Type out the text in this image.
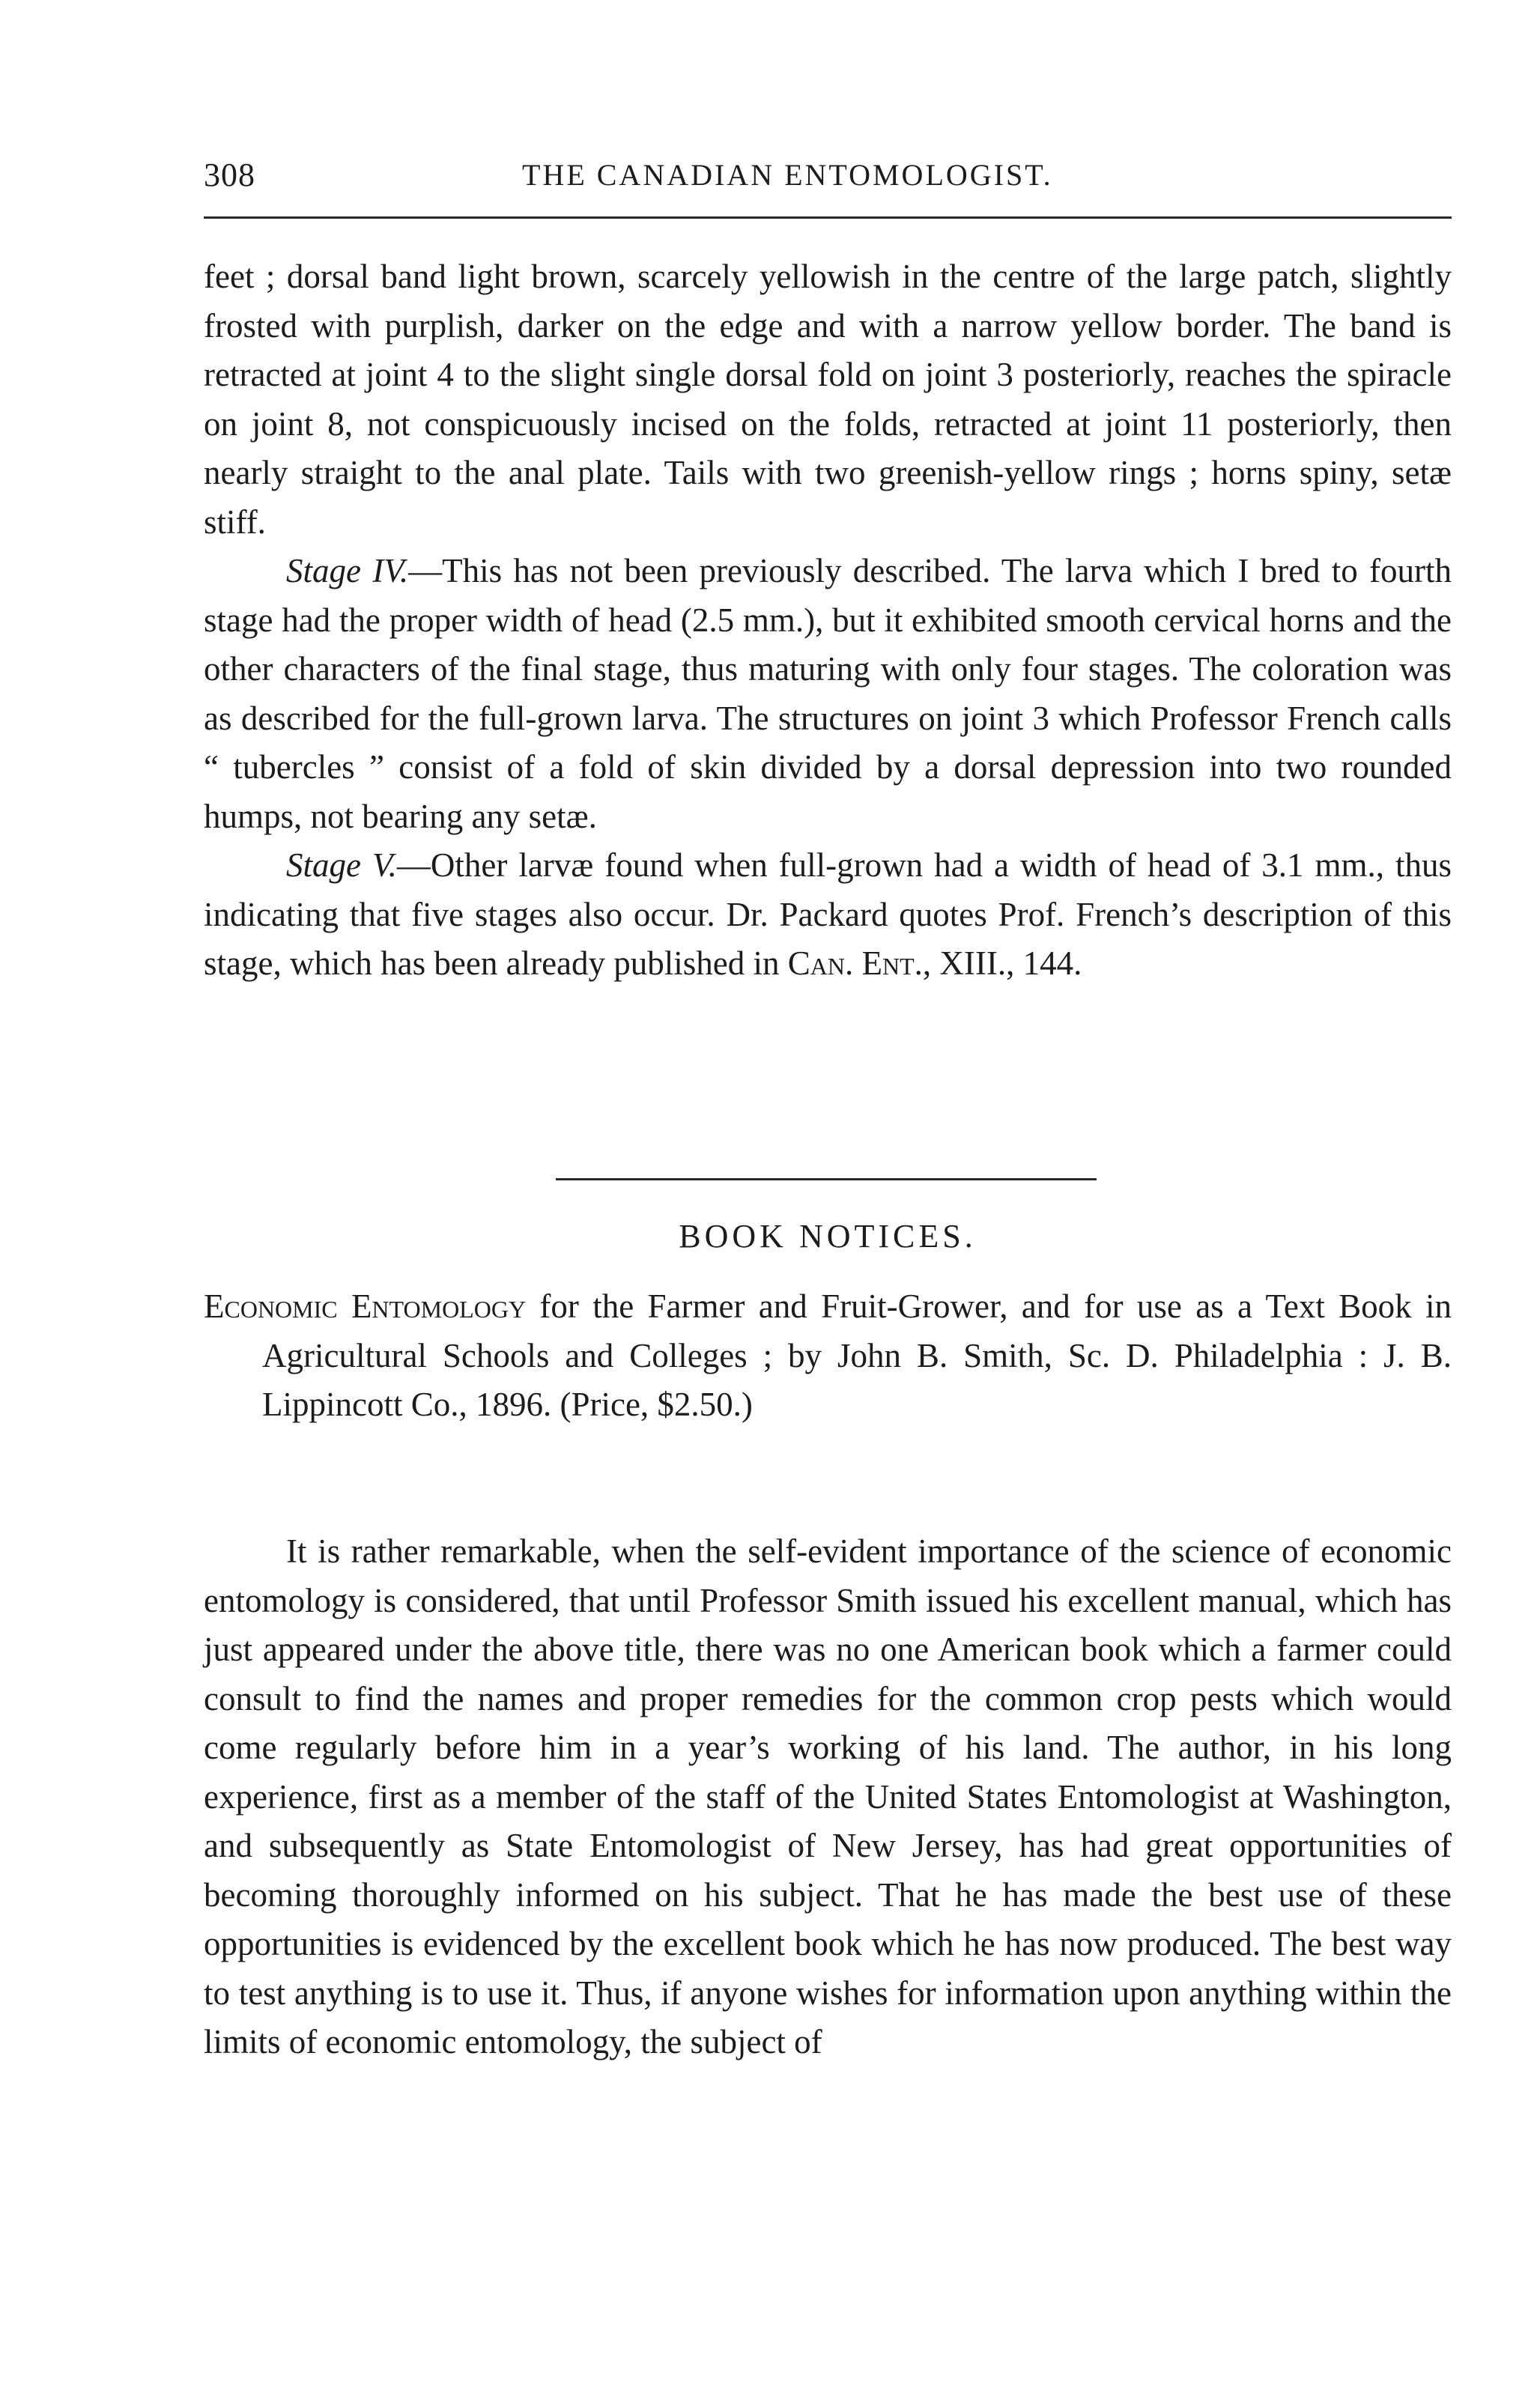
308	THE CANADIAN ENTOMOLOGIST.

feet ; dorsal band light brown, scarcely yellowish in the centre of the large patch, slightly frosted with purplish, darker on the edge and with a narrow yellow border. The band is retracted at joint 4 to the slight single dorsal fold on joint 3 posteriorly, reaches the spiracle on joint 8, not conspicuously incised on the folds, retracted at joint 11 posteriorly, then nearly straight to the anal plate. Tails with two greenish-yellow rings ; horns spiny, setæ stiff.

Stage IV.—This has not been previously described. The larva which I bred to fourth stage had the proper width of head (2.5 mm.), but it exhibited smooth cervical horns and the other characters of the final stage, thus maturing with only four stages. The coloration was as described for the full-grown larva. The structures on joint 3 which Professor French calls “ tubercles ” consist of a fold of skin divided by a dorsal depression into two rounded humps, not bearing any setæ.

Stage V.—Other larvæ found when full-grown had a width of head of 3.1 mm., thus indicating that five stages also occur. Dr. Packard quotes Prof. French’s description of this stage, which has been already published in Can. Ent., XIII., 144.

BOOK NOTICES.
Economic Entomology for the Farmer and Fruit-Grower, and for use as a Text Book in Agricultural Schools and Colleges ; by John B. Smith, Sc. D. Philadelphia : J. B. Lippincott Co., 1896. (Price, $2.50.)
It is rather remarkable, when the self-evident importance of the science of economic entomology is considered, that until Professor Smith issued his excellent manual, which has just appeared under the above title, there was no one American book which a farmer could consult to find the names and proper remedies for the common crop pests which would come regularly before him in a year’s working of his land. The author, in his long experience, first as a member of the staff of the United States Entomologist at Washington, and subsequently as State Entomologist of New Jersey, has had great opportunities of becoming thoroughly informed on his subject. That he has made the best use of these opportunities is evidenced by the excellent book which he has now produced. The best way to test anything is to use it. Thus, if anyone wishes for information upon anything within the limits of economic entomology, the subject of
